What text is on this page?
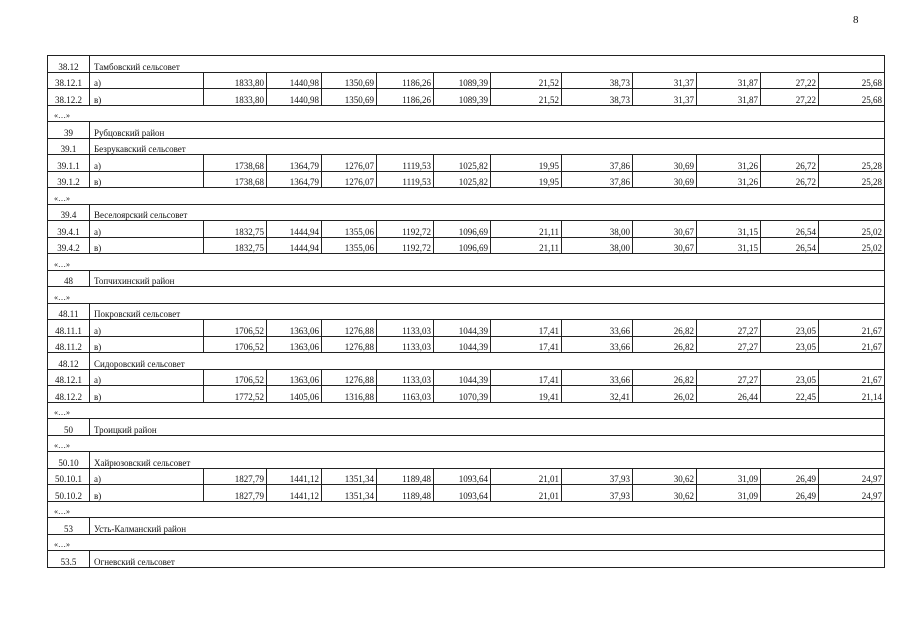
8
38.12	Тамбовский сельсовет											
38.12.1	а)	1833,80	1440,98	1350,69	1186,26	1089,39	21,52	38,73	31,37	31,87	27,22	25,68
38.12.2	в)	1833,80	1440,98	1350,69	1186,26	1089,39	21,52	38,73	31,37	31,87	27,22	25,68
«…»												
39	Рубцовский район											
39.1	Безрукавский сельсовет											
39.1.1	а)	1738,68	1364,79	1276,07	1119,53	1025,82	19,95	37,86	30,69	31,26	26,72	25,28
39.1.2	в)	1738,68	1364,79	1276,07	1119,53	1025,82	19,95	37,86	30,69	31,26	26,72	25,28
«…»												
39.4	Веселоярский сельсовет											
39.4.1	а)	1832,75	1444,94	1355,06	1192,72	1096,69	21,11	38,00	30,67	31,15	26,54	25,02
39.4.2	в)	1832,75	1444,94	1355,06	1192,72	1096,69	21,11	38,00	30,67	31,15	26,54	25,02
«…»												
48	Топчихинский район											
«…»												
48.11	Покровский сельсовет											
48.11.1	а)	1706,52	1363,06	1276,88	1133,03	1044,39	17,41	33,66	26,82	27,27	23,05	21,67
48.11.2	в)	1706,52	1363,06	1276,88	1133,03	1044,39	17,41	33,66	26,82	27,27	23,05	21,67
48.12	Сидоровский сельсовет											
48.12.1	а)	1706,52	1363,06	1276,88	1133,03	1044,39	17,41	33,66	26,82	27,27	23,05	21,67
48.12.2	в)	1772,52	1405,06	1316,88	1163,03	1070,39	19,41	32,41	26,02	26,44	22,45	21,14
«…»												
50	Троицкий район											
«…»												
50.10	Хайрюзовский сельсовет											
50.10.1	а)	1827,79	1441,12	1351,34	1189,48	1093,64	21,01	37,93	30,62	31,09	26,49	24,97
50.10.2	в)	1827,79	1441,12	1351,34	1189,48	1093,64	21,01	37,93	30,62	31,09	26,49	24,97
«…»												
53	Усть-Калманский район											
«…»												
53.5	Огневский сельсовет											
